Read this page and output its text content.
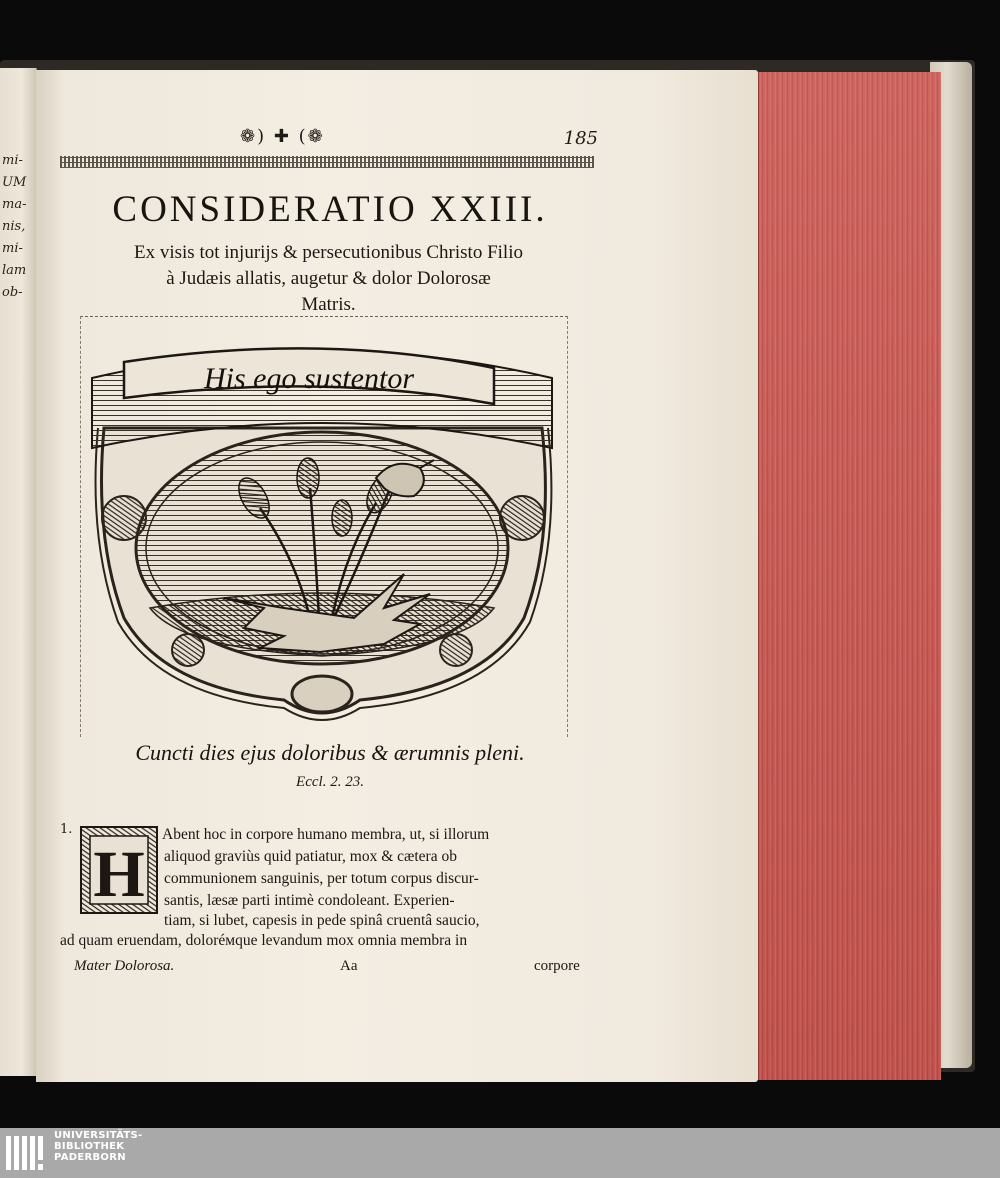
mi-
UM
ma-
nis,
mi-
lam
ob-
❁) ✚ (❁	185
CONSIDERATIO XXIII.
Ex visis tot injurijs & persecutionibus Christo Filio
à Judæis allatis, augetur & dolor Dolorosæ
Matris.
His ego sustentor
Cuncti dies ejus doloribus & ærumnis pleni.
Eccl. 2. 23.
1.
H
Abent hoc in corpore humano membra, ut, si illorum
aliquod graviùs quid patiatur, mox & cætera ob
communionem sanguinis, per totum corpus discur-
santis, læsæ parti intimè condoleant. Experien-
tiam, si lubet, capesis in pede spinâ cruentâ saucio,
ad quam eruendam, doloréмque levandum mox omnia membra in
Mater Dolorosa.	Aa	corpore
UNIVERSITÄTS-
BIBLIOTHEK
PADERBORN
